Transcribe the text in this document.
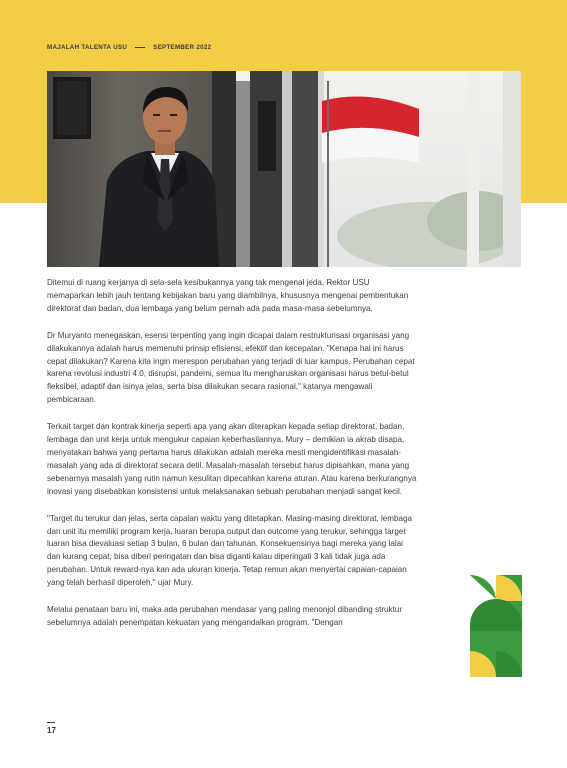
MAJALAH TALENTA USU	SEPTEMBER 2022

Ditemui di ruang kerjanya di sela-sela kesibukannya yang tak mengenal jeda, Rektor USU memaparkan lebih jauh tentang kebijakan baru yang diambilnya, khususnya mengenai pembentukan direktorat dan badan, dua lembaga yang belum pernah ada pada masa-masa sebelumnya.

Dr Muryanto menegaskan, esensi terpenting yang ingin dicapai dalam restrukturisasi organisasi yang dilakukannya adalah harus memenuhi prinsip efisiensi, efektif dan kecepatan. "Kenapa hal ini harus cepat dilakukan? Karena kita ingin merespon perubahan yang terjadi di luar kampus. Perubahan cepat karena revolusi industri 4.0, disrupsi, pandemi, semua itu mengharuskan organisasi harus betul-betul fleksibel, adaptif dan isinya jelas, serta bisa dilakukan secara rasional," katanya mengawali pembicaraan.

Terkait target dan kontrak kinerja seperti apa yang akan diterapkan kepada setiap direktorat, badan, lembaga dan unit kerja untuk mengukur capaian keberhasilannya, Mury – demikian ia akrab disapa, menyatakan bahwa yang pertama harus dilakukan adalah mereka mesti mengidentifikasi masalah-masalah yang ada di direktorat secara detil. Masalah-masalah tersebut harus dipisahkan, mana yang sebenarnya masalah yang rutin namun kesulitan dipecahkan karena aturan. Atau karena berkurangnya inovasi yang disebabkan konsistensi untuk melaksanakan sebuah perubahan menjadi sangat kecil.

"Target itu terukur dan jelas, serta capaian waktu yang ditetapkan. Masing-masing direktorat, lembaga dan unit itu memiliki program kerja, luaran berupa output dan outcome yang terukur, sehingga target luaran bisa dievaluasi setiap 3 bulan, 6 bulan dan tahunan. Konsekuensinya bagi mereka yang lalai dan kurang cepat, bisa diberi peringatan dan bisa diganti kalau diperingati 3 kali tidak juga ada perubahan. Untuk reward-nya kan ada ukuran kinerja. Tetap remun akan menyertai capaian-capaian yang telah berhasil diperoleh," ujar Mury.

Melalui penataan baru ini, maka ada perubahan mendasar yang paling menonjol dibanding struktur sebelumnya adalah penempatan kekuatan yang mengandalkan program. "Dengan

17
